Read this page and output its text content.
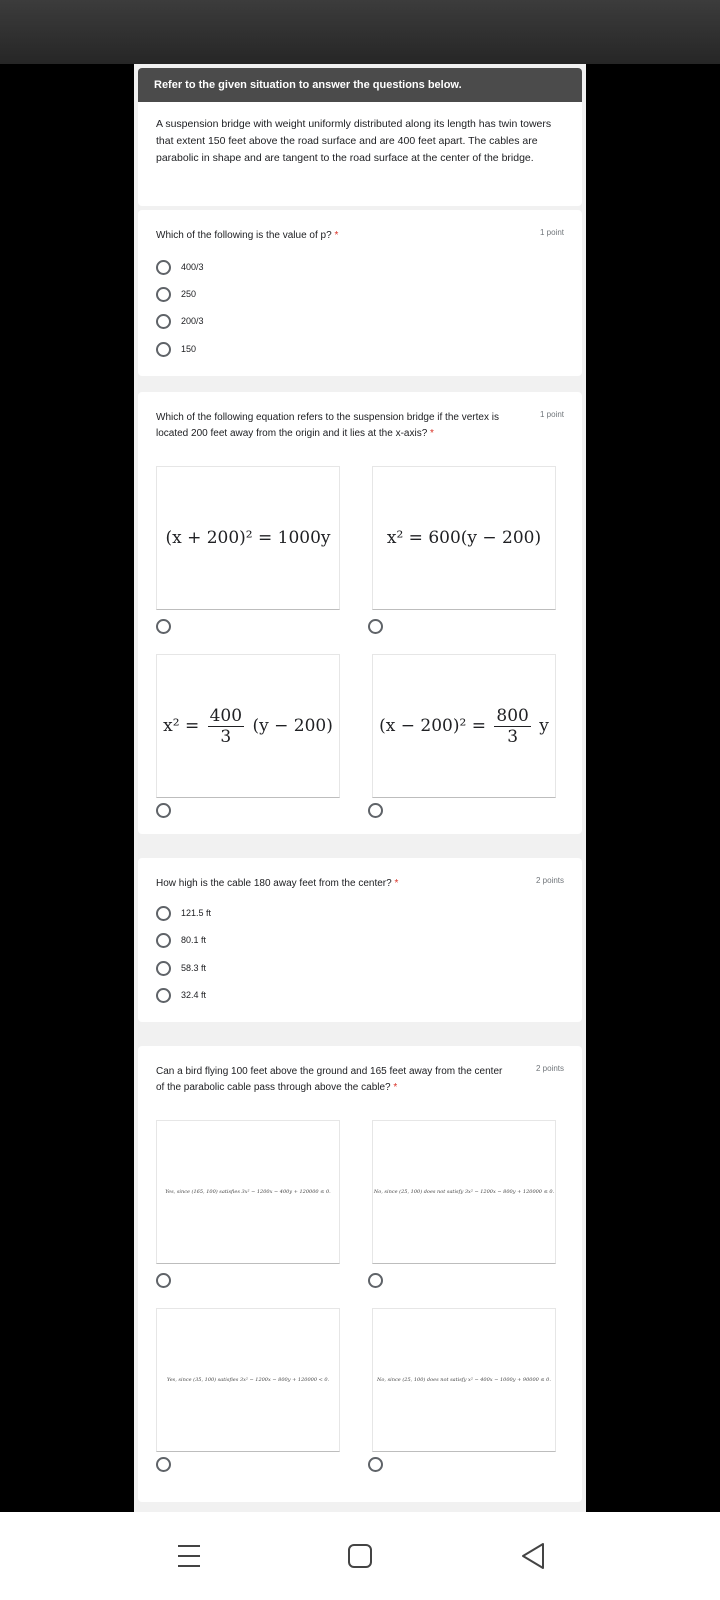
Refer to the given situation to answer the questions below.
A suspension bridge with weight uniformly distributed along its length has twin towers that extent 150 feet above the road surface and are 400 feet apart. The cables are parabolic in shape and are tangent to the road surface at the center of the bridge.
Which of the following is the value of p? *	1 point
400/3
250
200/3
150
Which of the following equation refers to the suspension bridge if the vertex is located 200 feet away from the origin and it lies at the x-axis? *
1 point
(x + 200)² = 1000y	x² = 600(y − 200)
$x^2 = \frac{400}{3} (y - 200)$	$(x - 200)^2 = \frac{800}{3}$ y
How high is the cable 180 away feet from the center? *	2 points
121.5 ft
80.1 ft
58.3 ft
32.4 ft
Can a bird flying 100 feet above the ground and 165 feet away from the center of the parabolic cable pass through above the cable? *
2 points
Yes, since (165, 100) satisfies 3x² − 1200x − 400y + 120000 ≤ 0.	No, since (25, 100) does not satisfy 3x² − 1200x − 800y + 120000 ≤ 0.
Yes, since (35, 100) satisfies 3x² − 1200x − 800y + 120000 < 0.	No, since (25, 100) does not satisfy x² − 400x − 1000y + 90000 ≤ 0.
